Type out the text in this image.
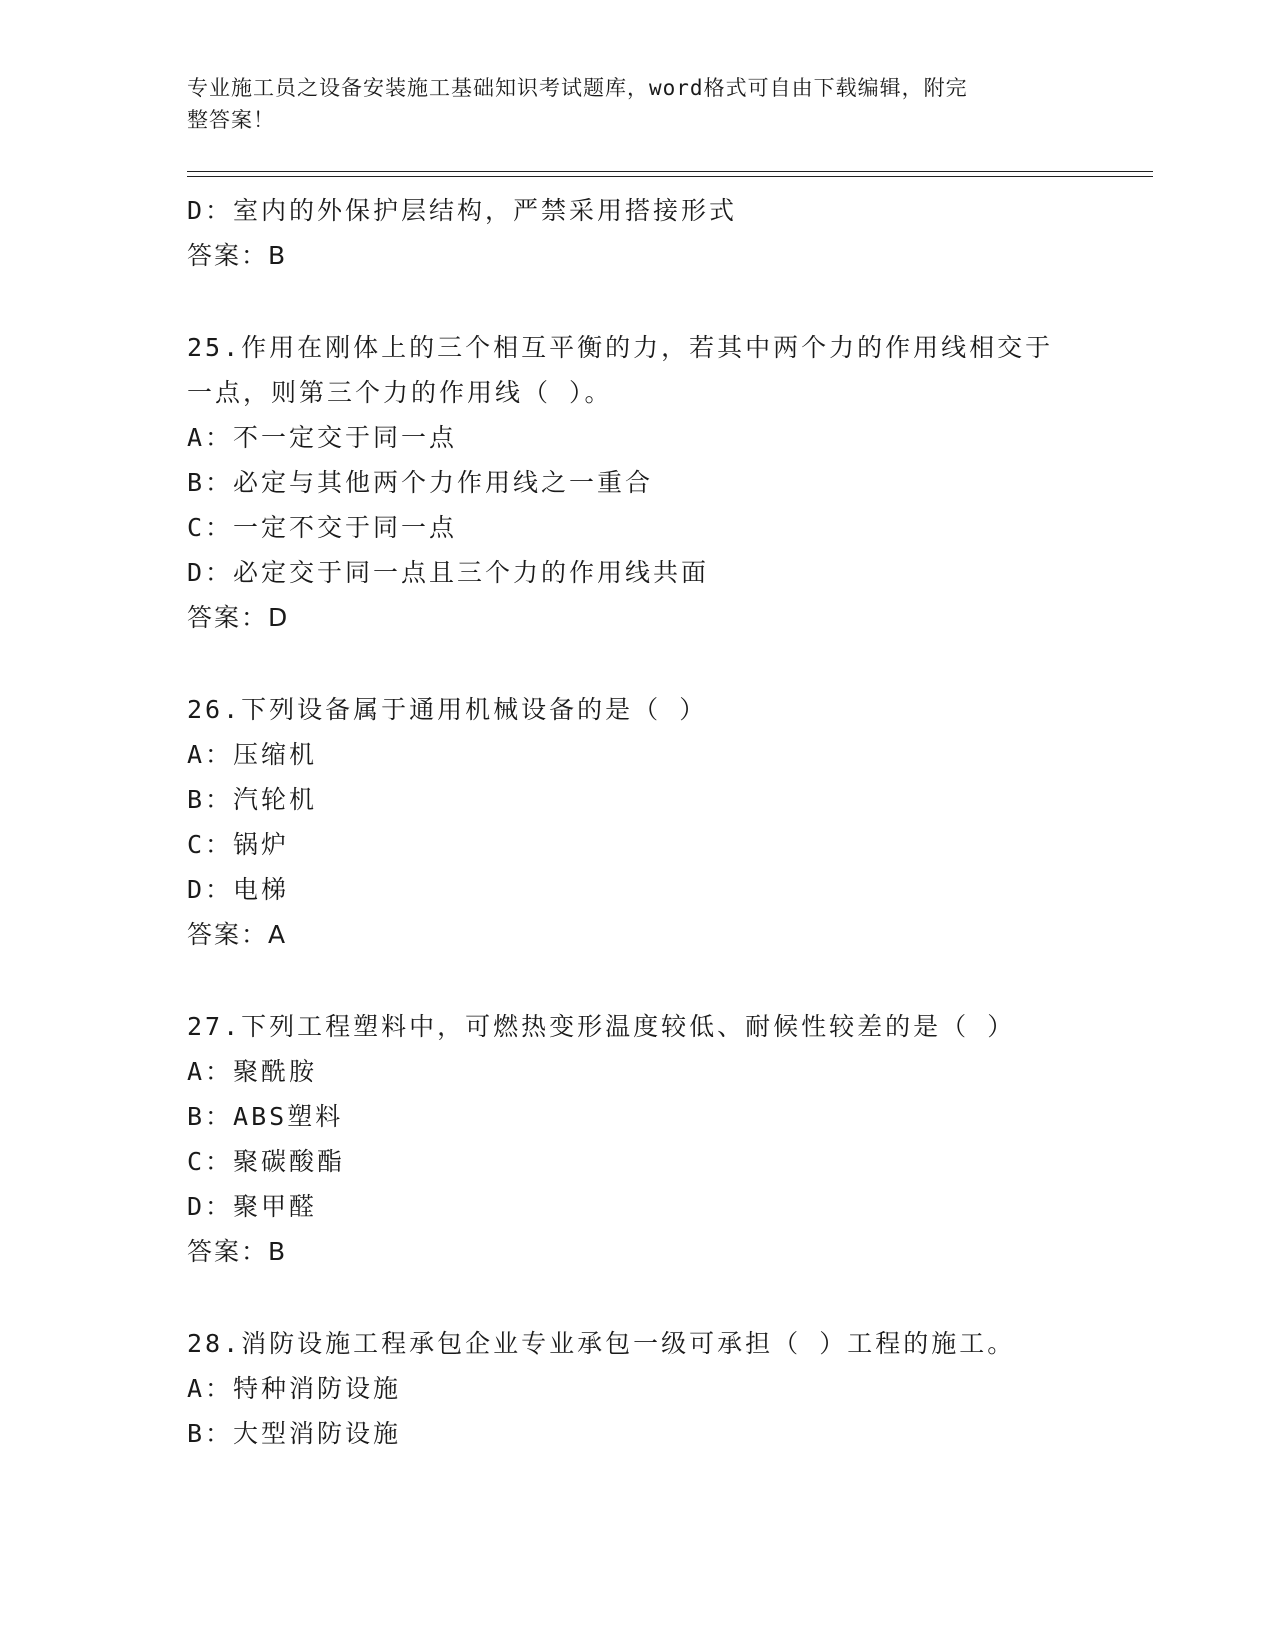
专业施工员之设备安装施工基础知识考试题库，word格式可自由下载编辑，附完
整答案！
D：室内的外保护层结构，严禁采用搭接形式
答案：B
25.作用在刚体上的三个相互平衡的力，若其中两个力的作用线相交于
一点，则第三个力的作用线（ ）。
A：不一定交于同一点
B：必定与其他两个力作用线之一重合
C：一定不交于同一点
D：必定交于同一点且三个力的作用线共面
答案：D
26.下列设备属于通用机械设备的是（ ）
A：压缩机
B：汽轮机
C：锅炉
D：电梯
答案：A
27.下列工程塑料中，可燃热变形温度较低、耐候性较差的是（ ）
A：聚酰胺
B：ABS塑料
C：聚碳酸酯
D：聚甲醛
答案：B
28.消防设施工程承包企业专业承包一级可承担（ ）工程的施工。
A：特种消防设施
B：大型消防设施
